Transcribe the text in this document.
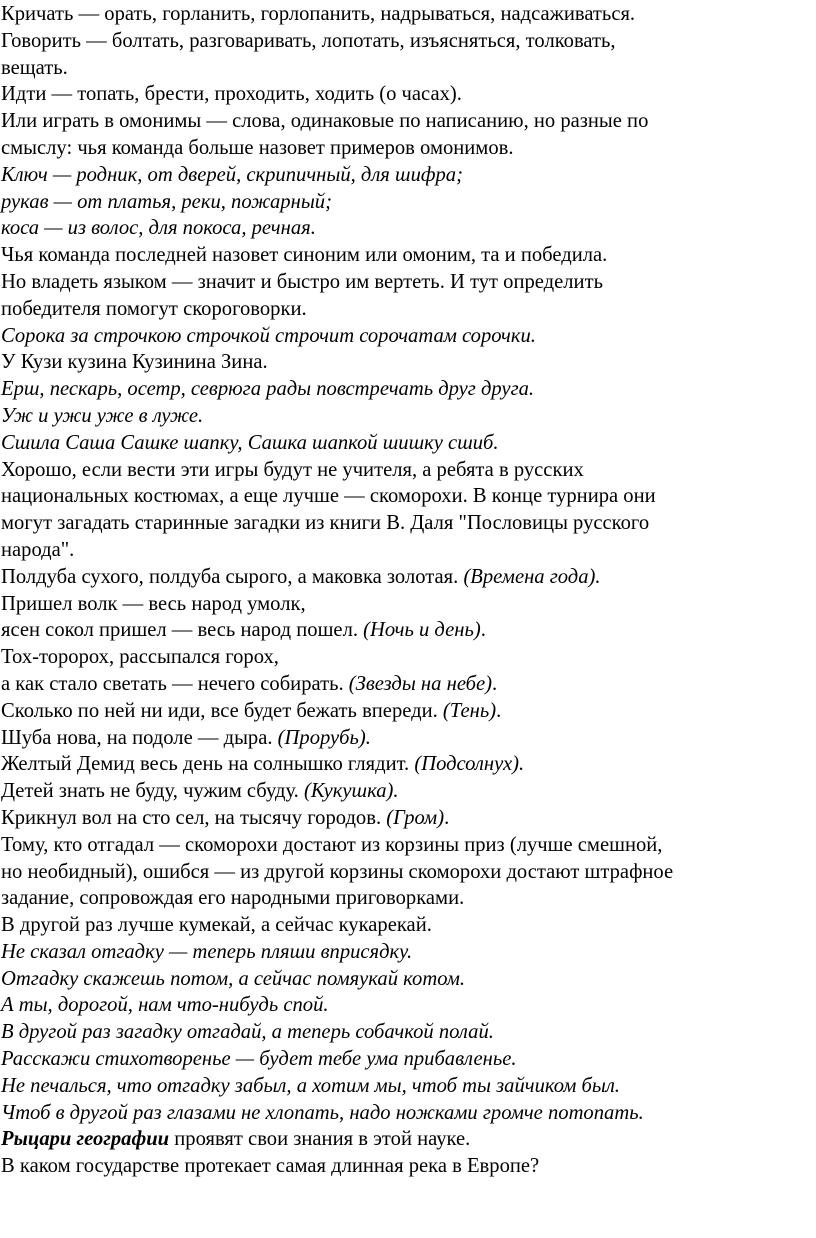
Кричать — орать, горланить, горлопанить, надрываться, надсаживаться.
Говорить — болтать, разговаривать, лопотать, изъясняться, толковать,
вещать.
Идти — топать, брести, проходить, ходить (о часах).
Или играть в омонимы — слова, одинаковые по написанию, но разные по
смыслу: чья команда больше назовет примеров омонимов.
Ключ — родник, от дверей, скрипичный, для шифра;
рукав — от платья, реки, пожарный;
коса — из волос, для покоса, речная.
Чья команда последней назовет синоним или омоним, та и победила.
Но владеть языком — значит и быстро им вертеть. И тут определить
победителя помогут скороговорки.
Сорока за строчкою строчкой строчит сорочатам сорочки.
У Кузи кузина Кузинина Зина.
Ерш, пескарь, осетр, севрюга рады повстречать друг друга.
Уж и ужи уже в луже.
Сшила Саша Сашке шапку, Сашка шапкой шишку сшиб.
Хорошо, если вести эти игры будут не учителя, а ребята в русских
национальных костюмах, а еще лучше — скоморохи. В конце турнира они
могут загадать старинные загадки из книги В. Даля "Пословицы русского
народа".
Полдуба сухого, полдуба сырого, а маковка золотая. (Времена года).
Пришел волк — весь народ умолк,
ясен сокол пришел — весь народ пошел. (Ночь и день).
Тох-торорох, рассыпался горох,
а как стало светать — нечего собирать. (Звезды на небе).
Сколько по ней ни иди, все будет бежать впереди. (Тень).
Шуба нова, на подоле — дыра. (Прорубь).
Желтый Демид весь день на солнышко глядит. (Подсолнух).
Детей знать не буду, чужим сбуду. (Кукушка).
Крикнул вол на сто сел, на тысячу городов. (Гром).
Тому, кто отгадал — скоморохи достают из корзины приз (лучше смешной,
но необидный), ошибся — из другой корзины скоморохи достают штрафное
задание, сопровождая его народными приговорками.
В другой раз лучше кумекай, а сейчас кукарекай.
Не сказал отгадку — теперь пляши вприсядку.
Отгадку скажешь потом, а сейчас помяукай котом.
А ты, дорогой, нам что-нибудь спой.
В другой раз загадку отгадай, а теперь собачкой полай.
Расскажи стихотворенье — будет тебе ума прибавленье.
Не печалься, что отгадку забыл, а хотим мы, чтоб ты зайчиком был.
Чтоб в другой раз глазами не хлопать, надо ножками громче потопать.
Рыцари географии проявят свои знания в этой науке.
В каком государстве протекает самая длинная река в Европе?
